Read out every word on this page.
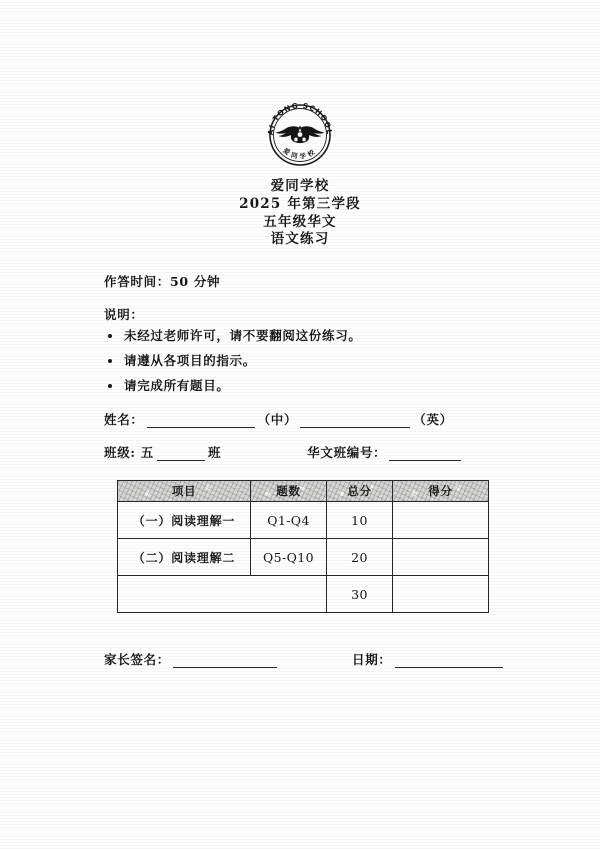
AI TONG SCHOOL
爱同学校
爱同学校
2025 年第三学段
五年级华文
语文练习
作答时间：50 分钟
说明：
未经过老师许可，请不要翻阅这份练习。
请遵从各项目的指示。
请完成所有题目。
姓名：	（中）	（英）
班级: 五	班	华文班编号：
项目	题数	总分	得分
（一）阅读理解一	Q1-Q4	10	
（二）阅读理解二	Q5-Q10	20	
		30	
家长签名：	日期：
